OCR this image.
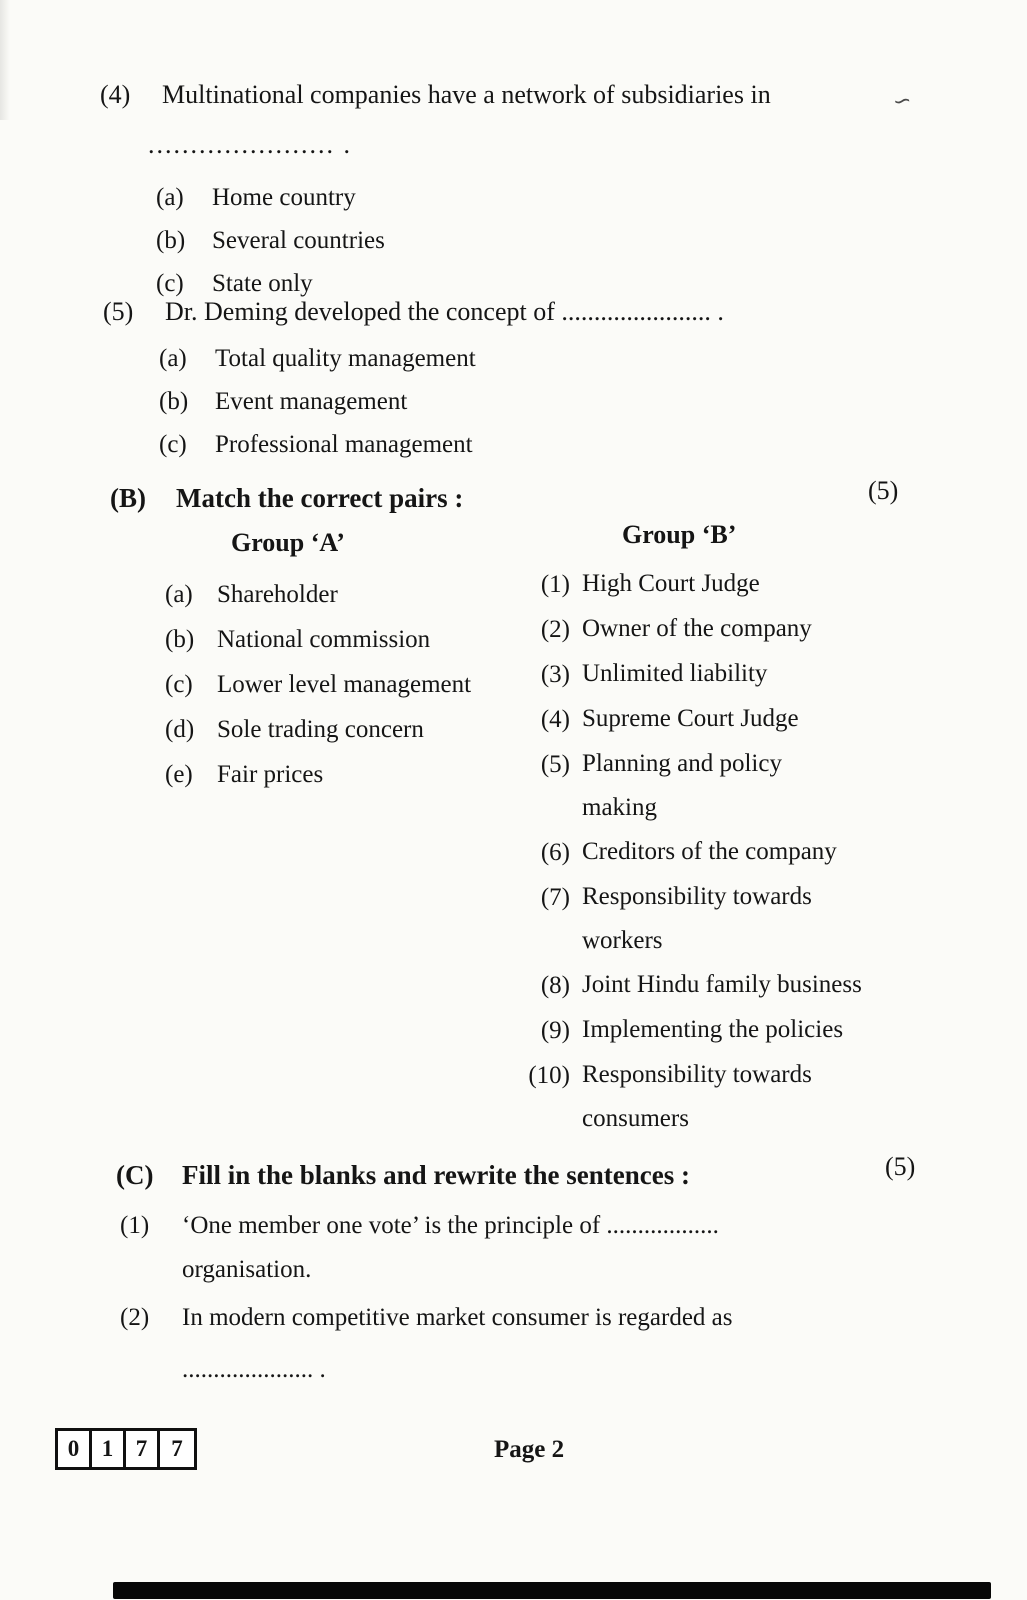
∽
(4)	Multinational companies have a network of subsidiaries in
...................... .
(a)	Home country
(b)	Several countries
(c)	State only
(5)	Dr. Deming developed the concept of ....................... .
(a)	Total quality management
(b)	Event management
(c)	Professional management
(B)	Match the correct pairs :	(5)
Group ‘A’
(a) Shareholder
(b) National commission
(c) Lower level management
(d) Sole trading concern
(e) Fair prices
Group ‘B’
(1) High Court Judge
(2) Owner of the company
(3) Unlimited liability
(4) Supreme Court Judge
(5) Planning and policy
making
(6) Creditors of the company
(7) Responsibility towards
workers
(8) Joint Hindu family business
(9) Implementing the policies
(10) Responsibility towards
consumers
(C)	Fill in the blanks and rewrite the sentences :	(5)
(1)	‘One member one vote’ is the principle of ..................
organisation.
(2)	In modern competitive market consumer is regarded as
..................... .
0 1 7	7	Page 2
